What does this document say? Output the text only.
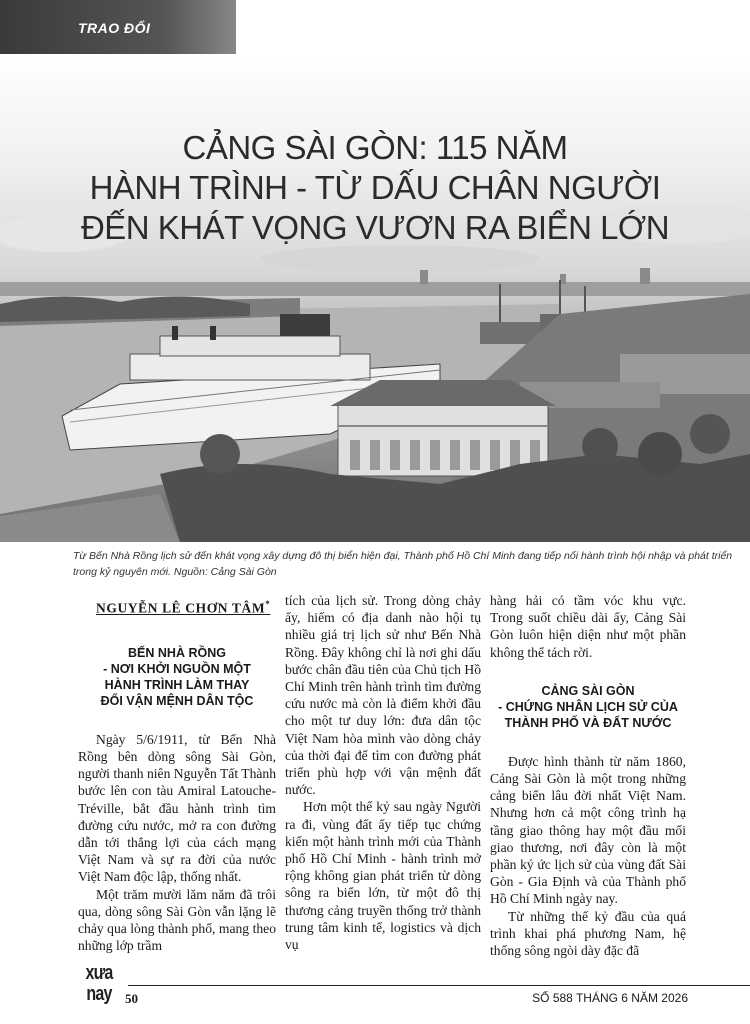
TRAO ĐỔI
CẢNG SÀI GÒN: 115 NĂM
HÀNH TRÌNH - TỪ DẤU CHÂN NGƯỜI
ĐẾN KHÁT VỌNG VƯƠN RA BIỂN LỚN
Từ Bến Nhà Rồng lịch sử đến khát vọng xây dựng đô thị biển hiện đại, Thành phố Hồ Chí Minh đang tiếp nối hành trình hội nhập và phát triển trong kỷ nguyên mới. Nguồn: Cảng Sài Gòn

NGUYỄN LÊ CHƠN TÂM*

BẾN NHÀ RỒNG
- NƠI KHỞI NGUỒN MỘT
HÀNH TRÌNH LÀM THAY
ĐỔI VẬN MỆNH DÂN TỘC

Ngày 5/6/1911, từ Bến Nhà Rồng bên dòng sông Sài Gòn, người thanh niên Nguyễn Tất Thành bước lên con tàu Amiral Latouche-Tréville, bắt đầu hành trình tìm đường cứu nước, mở ra con đường dẫn tới thắng lợi của cách mạng Việt Nam và sự ra đời của nước Việt Nam độc lập, thống nhất.

Một trăm mười lăm năm đã trôi qua, dòng sông Sài Gòn vẫn lặng lẽ chảy qua lòng thành phố, mang theo những lớp trầm

tích của lịch sử. Trong dòng chảy ấy, hiếm có địa danh nào hội tụ nhiều giá trị lịch sử như Bến Nhà Rồng. Đây không chỉ là nơi ghi dấu bước chân đầu tiên của Chủ tịch Hồ Chí Minh trên hành trình tìm đường cứu nước mà còn là điểm khởi đầu cho một tư duy lớn: đưa dân tộc Việt Nam hòa mình vào dòng chảy của thời đại để tìm con đường phát triển phù hợp với vận mệnh đất nước.

Hơn một thế kỷ sau ngày Người ra đi, vùng đất ấy tiếp tục chứng kiến một hành trình mới của Thành phố Hồ Chí Minh - hành trình mở rộng không gian phát triển từ dòng sông ra biển lớn, từ một đô thị thương cảng truyền thống trở thành trung tâm kinh tế, logistics và dịch vụ

hàng hải có tầm vóc khu vực. Trong suốt chiều dài ấy, Cảng Sài Gòn luôn hiện diện như một phần không thể tách rời.

CẢNG SÀI GÒN
- CHỨNG NHÂN LỊCH SỬ CỦA
THÀNH PHỐ VÀ ĐẤT NƯỚC

Được hình thành từ năm 1860, Cảng Sài Gòn là một trong những cảng biển lâu đời nhất Việt Nam. Nhưng hơn cả một công trình hạ tầng giao thông hay một đầu mối giao thương, nơi đây còn là một phần ký ức lịch sử của vùng đất Sài Gòn - Gia Định và của Thành phố Hồ Chí Minh ngày nay.

Từ những thế kỷ đầu của quá trình khai phá phương Nam, hệ thống sông ngòi dày đặc đã

xưa
nay	50	SỐ 588 THÁNG 6 NĂM 2026
